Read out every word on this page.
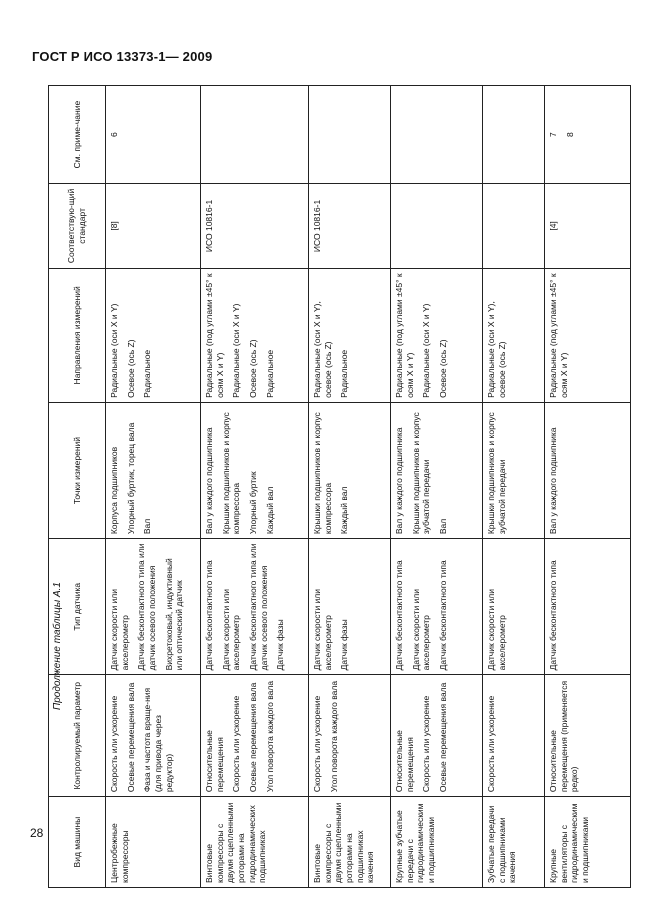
ГОСТ Р ИСО 13373-1— 2009
Продолжение таблицы А.1
28	Вид машины	Контролируемый параметр	Тип датчика	Точки измерений	Направления измерений	Соответствую-щий стандарт	См. приме-чание

Центробежные компрессоры	Скорость или ускорение Осевые перемещения вала Фаза и частота враще-ния (для привода через редуктор)	Датчик скорости или акселерометр Датчик бесконтактного типа или датчик осевого положения Вихретоковый, индуктивный или оптический датчик	Корпуса подшипников Упорный буртик, торец вала Вал	Радиальные (оси X и Y) Осевое (ось Z) Радиальное	[8]	6

Винтовые компрессоры с двумя сцепленными роторами на гидродинамических подшипниках	Относительные перемещения Скорость или ускорение Осевые перемещения вала Угол поворота каждого вала	Датчик бесконтактного типа Датчик скорости или акселерометр Датчик бесконтактного типа или датчик осевого положения Датчик фазы	Вал у каждого подшипника Крышки подшипников и корпус компрессора Упорный буртик Каждый вал	Радиальные (под углами ±45° к осям X и Y) Радиальные (оси X и Y) Осевое (ось Z) Радиальное	ИСО 10816-1	

Винтовые компрессоры с двумя сцепленными роторами на подшипниках качения	Скорость или ускорение Угол поворота каждого вала	Датчик скорости или акселерометр Датчик фазы	Крышки подшипников и корпус компрессора Каждый вал	Радиальные (оси X и Y), осевое (ось Z) Радиальное	ИСО 10816-1	

Крупные зубчатые передачи с гидродинамическими подшипниками	Относительные перемещения Скорость или ускорение Осевые перемещения вала	Датчик бесконтактного типа Датчик скорости или акселерометр Датчик бесконтактного типа	Вал у каждого подшипника Крышки подшипников и корпус зубчатой передачи Вал	Радиальные (под углами ±45° к осям X и Y) Радиальные (оси X и Y) Осевое (ось Z)		

Зубчатые передачи с подшипниками качения	Скорость или ускорение	Датчик скорости или акселерометр	Крышки подшипников и корпус зубчатой передачи	Радиальные (оси X и Y), осевое (ось Z)		

Крупные вентиляторы с гидродинамическими подшипниками	Относительные перемещения (применяется редко)	Датчик бесконтактного типа	Вал у каждого подшипника	Радиальные (под углами ±45° к осям X и Y)	[4]	7 8
